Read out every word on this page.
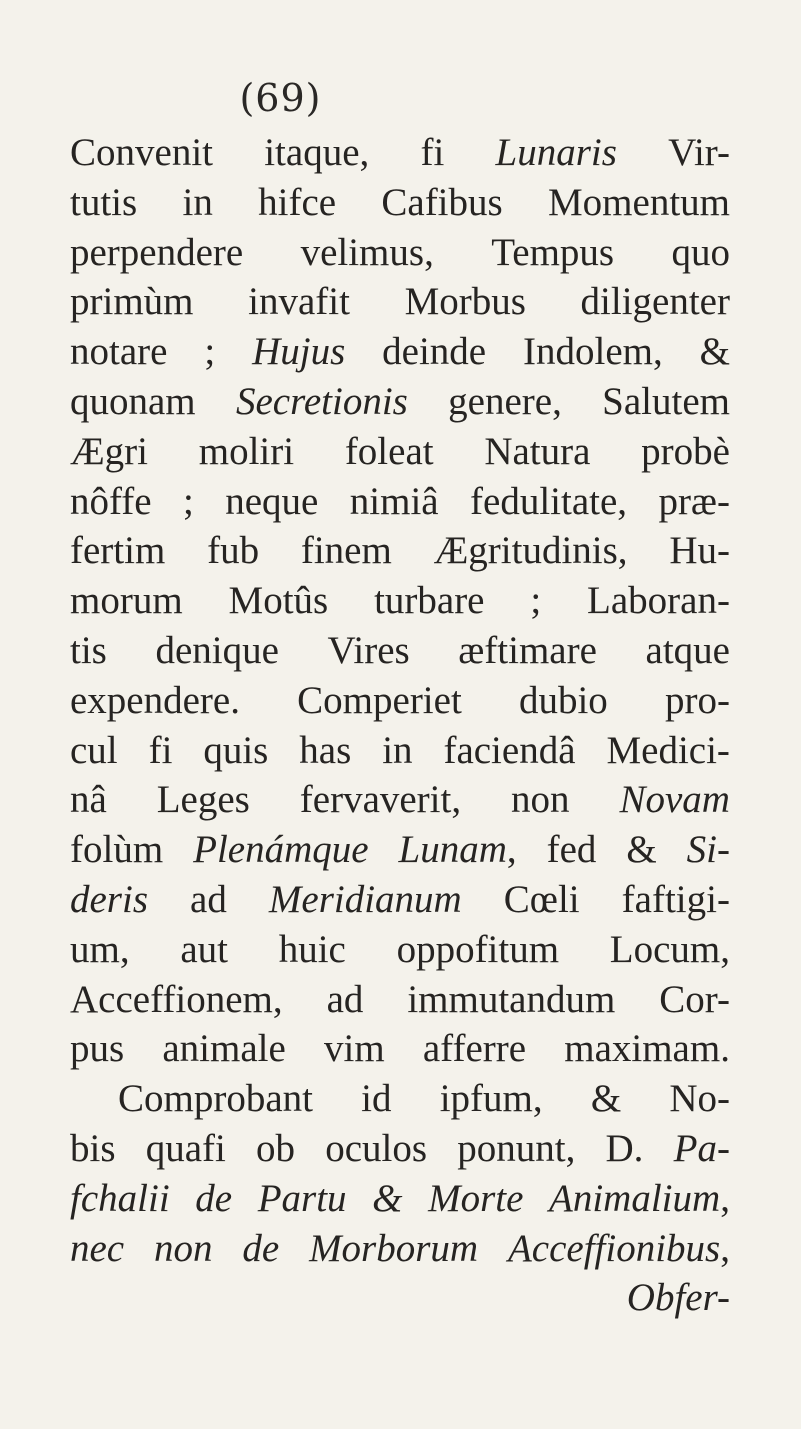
(69)
Convenit itaque, fi Lunaris Vir-
tutis in hifce Cafibus Momentum
perpendere velimus, Tempus quo
primùm invafit Morbus diligenter
notare ; Hujus deinde Indolem, &
quonam Secretionis genere, Salutem
Ægri moliri foleat Natura probè
nôffe ; neque nimiâ fedulitate, præ-
fertim fub finem Ægritudinis, Hu-
morum Motûs turbare ; Laboran-
tis denique Vires æftimare atque
expendere. Comperiet dubio pro-
cul fi quis has in faciendâ Medici-
nâ Leges fervaverit, non Novam
folùm Plenámque Lunam, fed & Si-
deris ad Meridianum Cœli faftigi-
um, aut huic oppofitum Locum,
Acceffionem, ad immutandum Cor-
pus animale vim afferre maximam.
Comprobant id ipfum, & No-
bis quafi ob oculos ponunt, D. Pa-
fchalii de Partu & Morte Animalium,
nec non de Morborum Acceffionibus,
Obfer-
